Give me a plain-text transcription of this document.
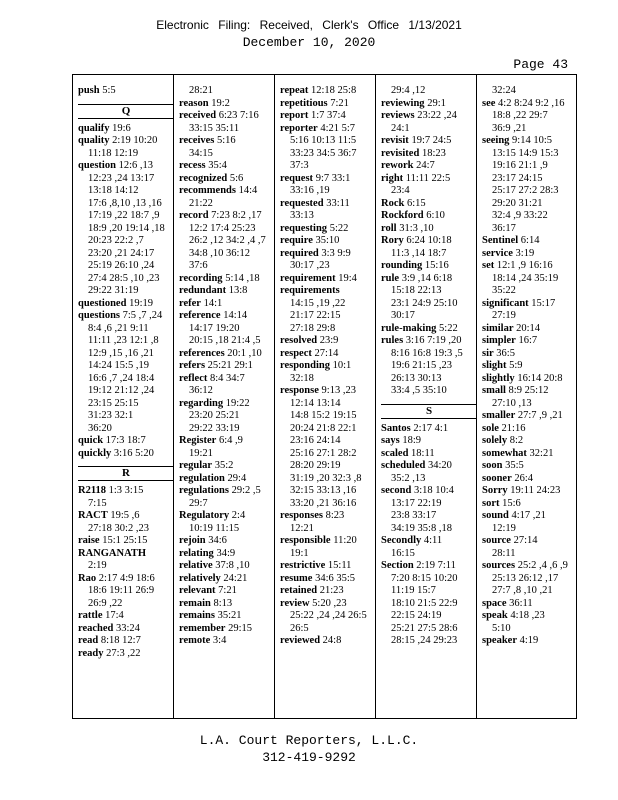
Electronic Filing: Received, Clerk's Office 1/13/2021
December 10, 2020
Page 43
push 5:5
Q
qualify 19:6
quality 2:19 10:20
11:18 12:19
question 12:6 ,13
12:23 ,24 13:17
13:18 14:12
17:6 ,8,10 ,13 ,16
17:19 ,22 18:7 ,9
18:9 ,20 19:14 ,18
20:23 22:2 ,7
23:20 ,21 24:17
25:19 26:10 ,24
27:4 28:5 ,10 ,23
29:22 31:19
questioned 19:19
questions 7:5 ,7 ,24
8:4 ,6 ,21 9:11
11:11 ,23 12:1 ,8
12:9 ,15 ,16 ,21
14:24 15:5 ,19
16:6 ,7 ,24 18:4
19:12 21:12 ,24
23:15 25:15
31:23 32:1
36:20
quick 17:3 18:7
quickly 3:16 5:20
R
R2118 1:3 3:15
7:15
RACT 19:5 ,6
27:18 30:2 ,23
raise 15:1 25:15
RANGANATH
2:19
Rao 2:17 4:9 18:6
18:6 19:11 26:9
26:9 ,22
rattle 17:4
reached 33:24
read 8:18 12:7
ready 27:3 ,22
28:21
reason 19:2
received 6:23 7:16
33:15 35:11
receives 5:16
34:15
recess 35:4
recognized 5:6
recommends 14:4
21:22
record 7:23 8:2 ,17
12:2 17:4 25:23
26:2 ,12 34:2 ,4 ,7
34:8 ,10 36:12
37:6
recording 5:14 ,18
redundant 13:8
refer 14:1
reference 14:14
14:17 19:20
20:15 ,18 21:4 ,5
references 20:1 ,10
refers 25:21 29:1
reflect 8:4 34:7
36:12
regarding 19:22
23:20 25:21
29:22 33:19
Register 6:4 ,9
19:21
regular 35:2
regulation 29:4
regulations 29:2 ,5
29:7
Regulatory 2:4
10:19 11:15
rejoin 34:6
relating 34:9
relative 37:8 ,10
relatively 24:21
relevant 7:21
remain 8:13
remains 35:21
remember 29:15
remote 3:4
repeat 12:18 25:8
repetitious 7:21
report 1:7 37:4
reporter 4:21 5:7
5:16 10:13 11:5
33:23 34:5 36:7
37:3
request 9:7 33:1
33:16 ,19
requested 33:11
33:13
requesting 5:22
require 35:10
required 3:3 9:9
30:17 ,23
requirement 19:4
requirements
14:15 ,19 ,22
21:17 22:15
27:18 29:8
resolved 23:9
respect 27:14
responding 10:1
32:18
response 9:13 ,23
12:14 13:14
14:8 15:2 19:15
20:24 21:8 22:1
23:16 24:14
25:16 27:1 28:2
28:20 29:19
31:19 ,20 32:3 ,8
32:15 33:13 ,16
33:20 ,21 36:16
responses 8:23
12:21
responsible 11:20
19:1
restrictive 15:11
resume 34:6 35:5
retained 21:23
review 5:20 ,23
25:22 ,24 ,24 26:5
26:5
reviewed 24:8
29:4 ,12
reviewing 29:1
reviews 23:22 ,24
24:1
revisit 19:7 24:5
revisited 18:23
rework 24:7
right 11:11 22:5
23:4
Rock 6:15
Rockford 6:10
roll 31:3 ,10
Rory 6:24 10:18
11:3 ,14 18:7
rounding 15:16
rule 3:9 ,14 6:18
15:18 22:13
23:1 24:9 25:10
30:17
rule-making 5:22
rules 3:16 7:19 ,20
8:16 16:8 19:3 ,5
19:6 21:15 ,23
26:13 30:13
33:4 ,5 35:10
S
Santos 2:17 4:1
says 18:9
scaled 18:11
scheduled 34:20
35:2 ,13
second 3:18 10:4
13:17 22:19
23:8 33:17
34:19 35:8 ,18
Secondly 4:11
16:15
Section 2:19 7:11
7:20 8:15 10:20
11:19 15:7
18:10 21:5 22:9
22:15 24:19
25:21 27:5 28:6
28:15 ,24 29:23
32:24
see 4:2 8:24 9:2 ,16
18:8 ,22 29:7
36:9 ,21
seeing 9:14 10:5
13:15 14:9 15:3
19:16 21:1 ,9
23:17 24:15
25:17 27:2 28:3
29:20 31:21
32:4 ,9 33:22
36:17
Sentinel 6:14
service 3:19
set 12:1 ,9 16:16
18:14 ,24 35:19
35:22
significant 15:17
27:19
similar 20:14
simpler 16:7
sir 36:5
slight 5:9
slightly 16:14 20:8
small 8:9 25:12
27:10 ,13
smaller 27:7 ,9 ,21
sole 21:16
solely 8:2
somewhat 32:21
soon 35:5
sooner 26:4
Sorry 19:11 24:23
sort 15:6
sound 4:17 ,21
12:19
source 27:14
28:11
sources 25:2 ,4 ,6 ,9
25:13 26:12 ,17
27:7 ,8 ,10 ,21
space 36:11
speak 4:18 ,23
5:10
speaker 4:19
L.A. Court Reporters, L.L.C.
312-419-9292
